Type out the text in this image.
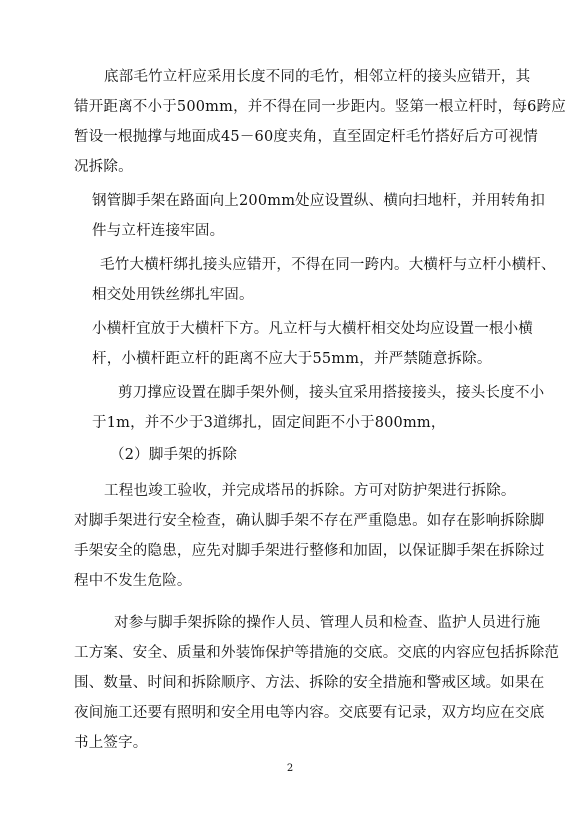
底部毛竹立杆应采用长度不同的毛竹，相邻立杆的接头应错开，其
错开距离不小于500mm，并不得在同一步距内。竖第一根立杆时，每6跨应
暂设一根抛撑与地面成45－60度夹角，直至固定杆毛竹搭好后方可视情
况拆除。
钢管脚手架在路面向上200mm处应设置纵、横向扫地杆，并用转角扣
件与立杆连接牢固。
毛竹大横杆绑扎接头应错开，不得在同一跨内。大横杆与立杆小横杆、
相交处用铁丝绑扎牢固。
小横杆宜放于大横杆下方。凡立杆与大横杆相交处均应设置一根小横
杆，小横杆距立杆的距离不应大于55mm，并严禁随意拆除。
剪刀撑应设置在脚手架外侧，接头宜采用搭接接头，接头长度不小
于1m，并不少于3道绑扎，固定间距不小于800mm，
（2）脚手架的拆除
工程也竣工验收，并完成塔吊的拆除。方可对防护架进行拆除。
对脚手架进行安全检查，确认脚手架不存在严重隐患。如存在影响拆除脚
手架安全的隐患，应先对脚手架进行整修和加固，以保证脚手架在拆除过
程中不发生危险。
对参与脚手架拆除的操作人员、管理人员和检查、监护人员进行施
工方案、安全、质量和外装饰保护等措施的交底。交底的内容应包括拆除范
围、数量、时间和拆除顺序、方法、拆除的安全措施和警戒区域。如果在
夜间施工还要有照明和安全用电等内容。交底要有记录，双方均应在交底
书上签字。
2
